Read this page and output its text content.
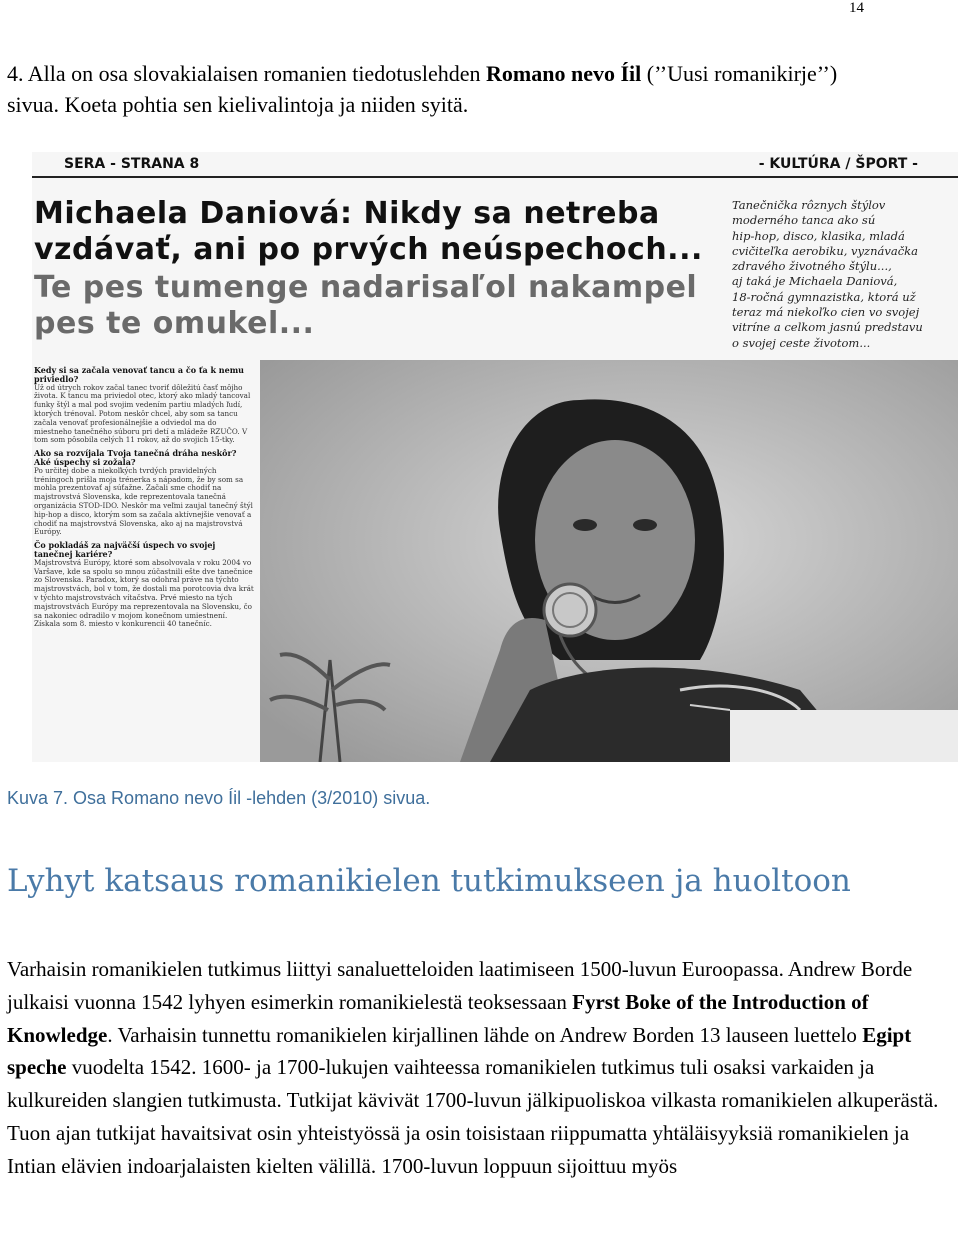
14
4. Alla on osa slovakialaisen romanien tiedotuslehden Romano nevo Íil (’’Uusi romanikirje’’) sivua. Koeta pohtia sen kielivalintoja ja niiden syitä.
SERA - STRANA 8	- KULTÚRA / ŠPORT -
Michaela Daniová: Nikdy sa netreba
vzdávať, ani po prvých neúspechoch...
Te pes tumenge nadarisaľol nakampel
pes te omukel...
Tanečnička rôznych štýlov
moderného tanca ako sú
hip-hop, disco, klasika, mladá
cvičiteľka aerobiku, vyznávačka
zdravého životného štýlu...,
aj taká je Michaela Daniová,
18-ročná gymnazistka, ktorá už
teraz má niekoľko cien vo svojej
vitríne a celkom jasnú predstavu
o svojej ceste životom...
Kedy si sa začala venovať tancu a čo ťa k nemu priviedlo?

Už od útrych rokov začal tanec tvoriť dôležitú časť môjho života. K tancu ma priviedol otec, ktorý ako mladý tancoval funky štýl a mal pod svojim vedením partiu mladých ľudí, ktorých trénoval. Potom neskôr chcel, aby som sa tancu začala venovať profesionálnejšie a odviedol ma do miestneho tanečného súboru pri detí a mládeže RZUČO. V tom som pôsobila celých 11 rokov, až do svojich 15-tky.

Ako sa rozvíjala Tvoja tanečná dráha neskôr? Aké úspechy si zožala?

Po určitej dobe a niekoľkých tvrdých pravidelných tréningoch prišla moja trénerka s nápadom, že by som sa mohla prezentovať aj súťažne. Začali sme chodiť na majstrovstvá Slovenska, kde reprezentovala tanečná organizácia STOD-IDO. Neskôr ma veľmi zaujal tanečný štýl hip-hop a disco, ktorým som sa začala aktívnejšie venovať a chodiť na majstrovstvá Slovenska, ako aj na majstrovstvá Európy.

Čo pokladáš za najväčší úspech vo svojej tanečnej kariére?

Majstrovstvá Európy, ktoré som absolvovala v roku 2004 vo Varšave, kde sa spolu so mnou zúčastnili ešte dve tanečnice zo Slovenska. Paradox, ktorý sa odohral práve na týchto majstrovstvách, bol v tom, že dostali ma porotcovia dva krát v týchto majstrovstvách vítačstva. Prvé miesto na tých majstrovstvách Európy ma reprezentovala na Slovensku, čo sa nakoniec odradilo v mojom konečnom umiestnení. Získala som 8. miesto v konkurencii 40 tanečníc.

Kuva 7. Osa Romano nevo Íil -lehden (3/2010) sivua.
Lyhyt katsaus romanikielen tutkimukseen ja huoltoon

Varhaisin romanikielen tutkimus liittyi sanaluetteloiden laatimiseen 1500-luvun Euroopassa. Andrew Borde julkaisi vuonna 1542 lyhyen esimerkin romanikielestä teoksessaan Fyrst Boke of the Introduction of Knowledge. Varhaisin tunnettu romanikielen kirjallinen lähde on Andrew Borden 13 lauseen luettelo Egipt speche vuodelta 1542. 1600- ja 1700-lukujen vaihteessa romanikielen tutkimus tuli osaksi varkaiden ja kulkureiden slangien tutkimusta. Tutkijat kävivät 1700-luvun jälkipuoliskoa vilkasta romanikielen alkuperästä. Tuon ajan tutkijat havaitsivat osin yhteistyössä ja osin toisistaan riippumatta yhtäläisyyksiä romanikielen ja Intian elävien indoarjalaisten kielten välillä. 1700-luvun loppuun sijoittuu myös
